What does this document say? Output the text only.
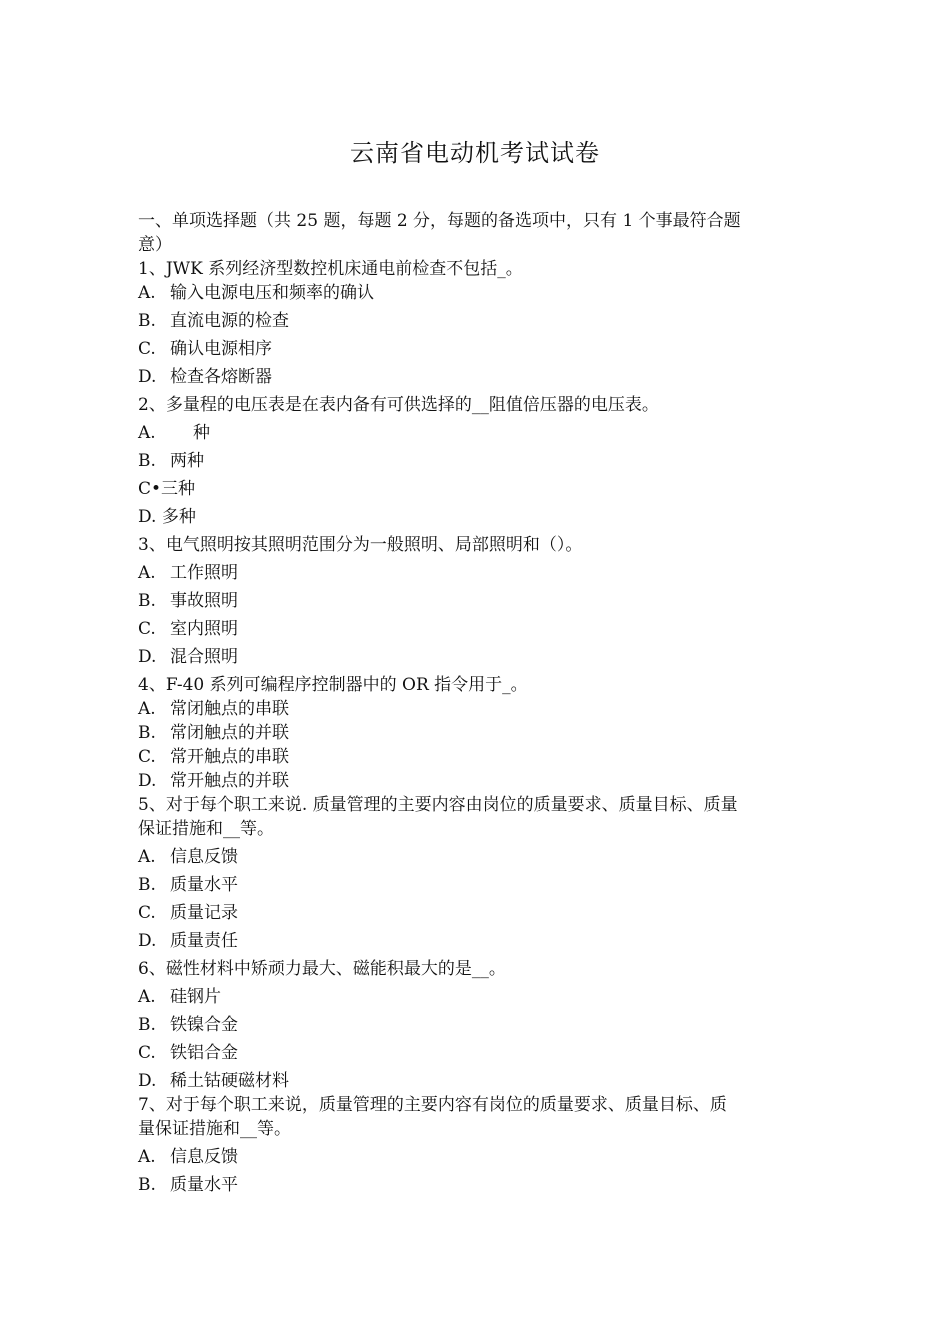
云南省电动机考试试卷

一、单项选择题（共 25 题，每题 2 分，每题的备选项中，只有 1 个事最符合题

意）

1、JWK 系列经济型数控机床通电前检查不包括_。

A. 输入电源电压和频率的确认

B. 直流电源的检查

C. 确认电源相序

D. 检查各熔断器

2、多量程的电压表是在表内备有可供选择的__阻值倍压器的电压表。

A. 种

B. 两种

C•三种

D. 多种

3、电气照明按其照明范围分为一般照明、局部照明和（）。

A. 工作照明

B. 事故照明

C. 室内照明

D. 混合照明

4、F-40 系列可编程序控制器中的 OR 指令用于_。

A. 常闭触点的串联

B. 常闭触点的并联

C. 常开触点的串联

D. 常开触点的并联

5、对于每个职工来说. 质量管理的主要内容由岗位的质量要求、质量目标、质量

保证措施和__等。

A. 信息反馈

B. 质量水平

C. 质量记录

D. 质量责任

6、磁性材料中矫顽力最大、磁能积最大的是__。

A. 硅钢片

B. 铁镍合金

C. 铁铝合金

D. 稀土钴硬磁材料

7、对于每个职工来说，质量管理的主要内容有岗位的质量要求、质量目标、质

量保证措施和__等。

A. 信息反馈

B. 质量水平
